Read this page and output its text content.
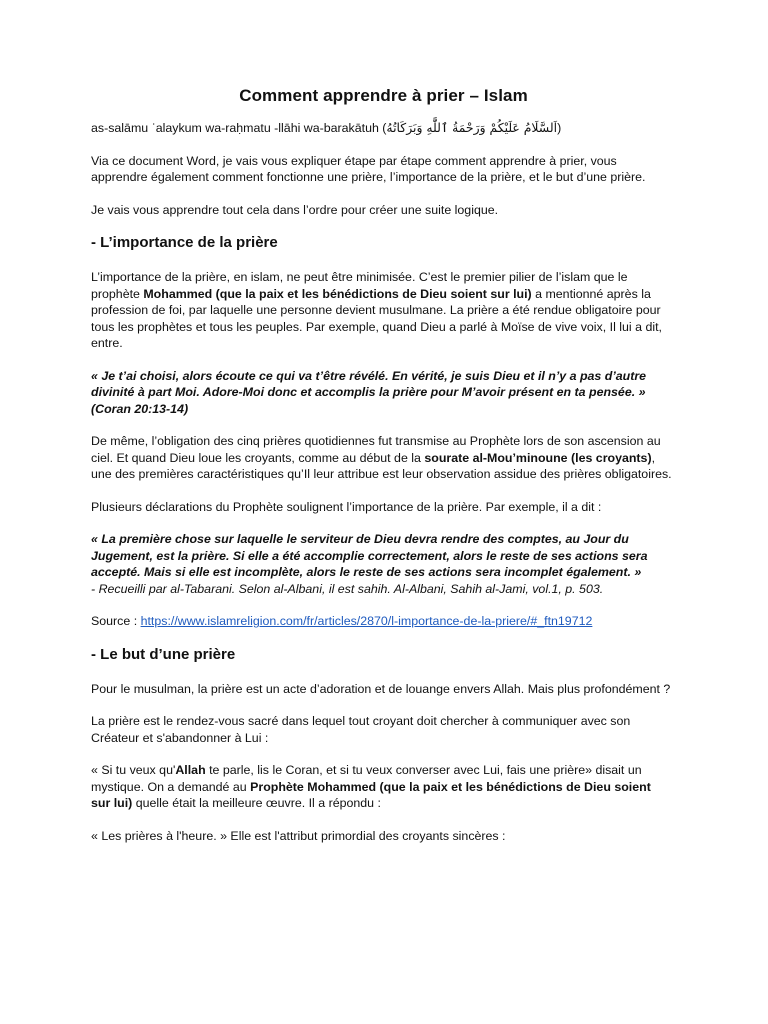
Comment apprendre à prier – Islam

as-salāmu ʿalaykum wa-raḥmatu -llāhi wa-barakātuh (اَلسَّلَامُ عَلَيْكُمْ وَرَحْمَةُ ٱللَّٰهِ وَبَرَكَاتُهُ)

Via ce document Word, je vais vous expliquer étape par étape comment apprendre à prier, vous apprendre également comment fonctionne une prière, l’importance de la prière, et le but d’une prière.

Je vais vous apprendre tout cela dans l’ordre pour créer une suite logique.

- L’importance de la prière

L’importance de la prière, en islam, ne peut être minimisée. C’est le premier pilier de l’islam que le prophète Mohammed (que la paix et les bénédictions de Dieu soient sur lui) a mentionné après la profession de foi, par laquelle une personne devient musulmane. La prière a été rendue obligatoire pour tous les prophètes et tous les peuples. Par exemple, quand Dieu a parlé à Moïse de vive voix, Il lui a dit, entre.

« Je t’ai choisi, alors écoute ce qui va t’être révélé. En vérité, je suis Dieu et il n’y a pas d’autre divinité à part Moi. Adore-Moi donc et accomplis la prière pour M’avoir présent en ta pensée. » (Coran 20:13-14)

De même, l’obligation des cinq prières quotidiennes fut transmise au Prophète lors de son ascension au ciel. Et quand Dieu loue les croyants, comme au début de la sourate al-Mou’minoune (les croyants), une des premières caractéristiques qu’Il leur attribue est leur observation assidue des prières obligatoires.

Plusieurs déclarations du Prophète soulignent l’importance de la prière. Par exemple, il a dit :

« La première chose sur laquelle le serviteur de Dieu devra rendre des comptes, au Jour du Jugement, est la prière. Si elle a été accomplie correctement, alors le reste de ses actions sera accepté. Mais si elle est incomplète, alors le reste de ses actions sera incomplet également. »
- Recueilli par al-Tabarani. Selon al-Albani, il est sahih. Al-Albani, Sahih al-Jami, vol.1, p. 503.

Source : https://www.islamreligion.com/fr/articles/2870/l-importance-de-la-priere/#_ftn19712

- Le but d’une prière

Pour le musulman, la prière est un acte d’adoration et de louange envers Allah. Mais plus profondément ?

La prière est le rendez-vous sacré dans lequel tout croyant doit chercher à communiquer avec son Créateur et s'abandonner à Lui :

« Si tu veux qu'Allah te parle, lis le Coran, et si tu veux converser avec Lui, fais une prière» disait un mystique. On a demandé au Prophète Mohammed (que la paix et les bénédictions de Dieu soient sur lui) quelle était la meilleure œuvre. Il a répondu :

« Les prières à l'heure. » Elle est l'attribut primordial des croyants sincères :
